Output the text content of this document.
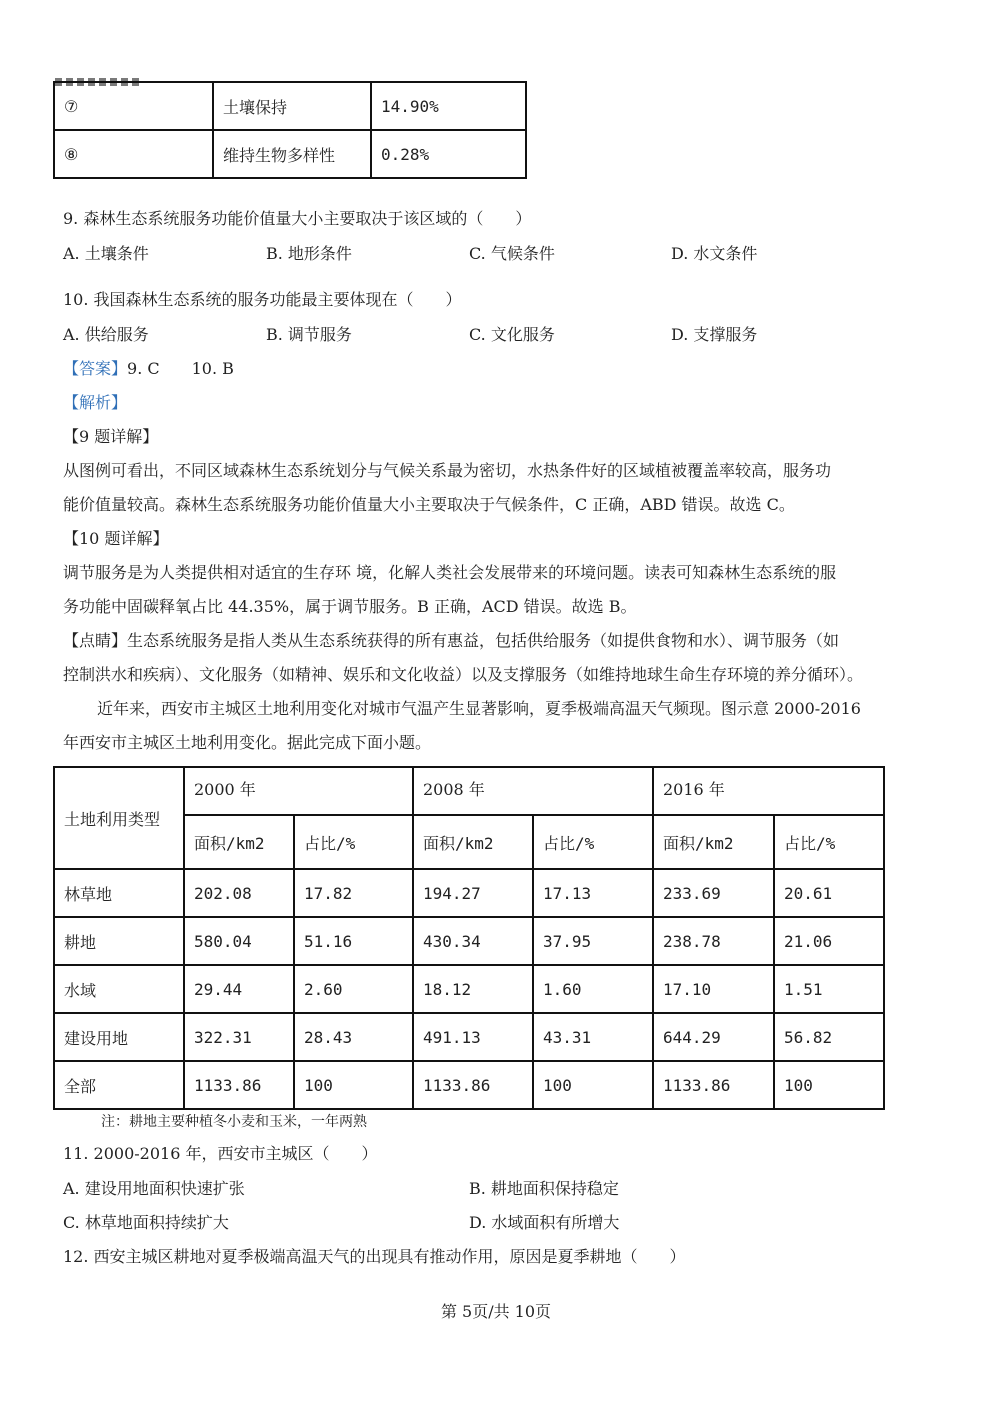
⑦	土壤保持	14.90%
⑧	维持生物多样性	0.28%
9. 森林生态系统服务功能价值量大小主要取决于该区域的（　　）
A. 土壤条件	B. 地形条件	C. 气候条件	D. 水文条件
10. 我国森林生态系统的服务功能最主要体现在（　　）
A. 供给服务	B. 调节服务	C. 文化服务	D. 支撑服务
【答案】9. C　　10. B
【解析】
【9 题详解】
从图例可看出，不同区域森林生态系统划分与气候关系最为密切，水热条件好的区域植被覆盖率较高，服务功
能价值量较高。森林生态系统服务功能价值量大小主要取决于气候条件，C 正确，ABD 错误。故选 C。
【10 题详解】
调节服务是为人类提供相对适宜的生存环 境，化解人类社会发展带来的环境问题。读表可知森林生态系统的服
务功能中固碳释氧占比 44.35%，属于调节服务。B 正确，ACD 错误。故选 B。
【点睛】生态系统服务是指人类从生态系统获得的所有惠益，包括供给服务（如提供食物和水）、调节服务（如
控制洪水和疾病）、文化服务（如精神、娱乐和文化收益）以及支撑服务（如维持地球生命生存环境的养分循环）。
近年来，西安市主城区土地利用变化对城市气温产生显著影响，夏季极端高温天气频现。图示意 2000-2016
年西安市主城区土地利用变化。据此完成下面小题。
土地利用类型	2000 年		2008 年		2016 年	
	面积/km2	占比/%	面积/km2	占比/%	面积/km2	占比/%
林草地	202.08	17.82	194.27	17.13	233.69	20.61
耕地	580.04	51.16	430.34	37.95	238.78	21.06
水域	29.44	2.60	18.12	1.60	17.10	1.51
建设用地	322.31	28.43	491.13	43.31	644.29	56.82
全部	1133.86	100	1133.86	100	1133.86	100
注：耕地主要种植冬小麦和玉米，一年两熟
11. 2000-2016 年，西安市主城区（　　）
A. 建设用地面积快速扩张	B. 耕地面积保持稳定
C. 林草地面积持续扩大	D. 水域面积有所增大
12. 西安主城区耕地对夏季极端高温天气的出现具有推动作用，原因是夏季耕地（　　）
第 5页/共 10页
